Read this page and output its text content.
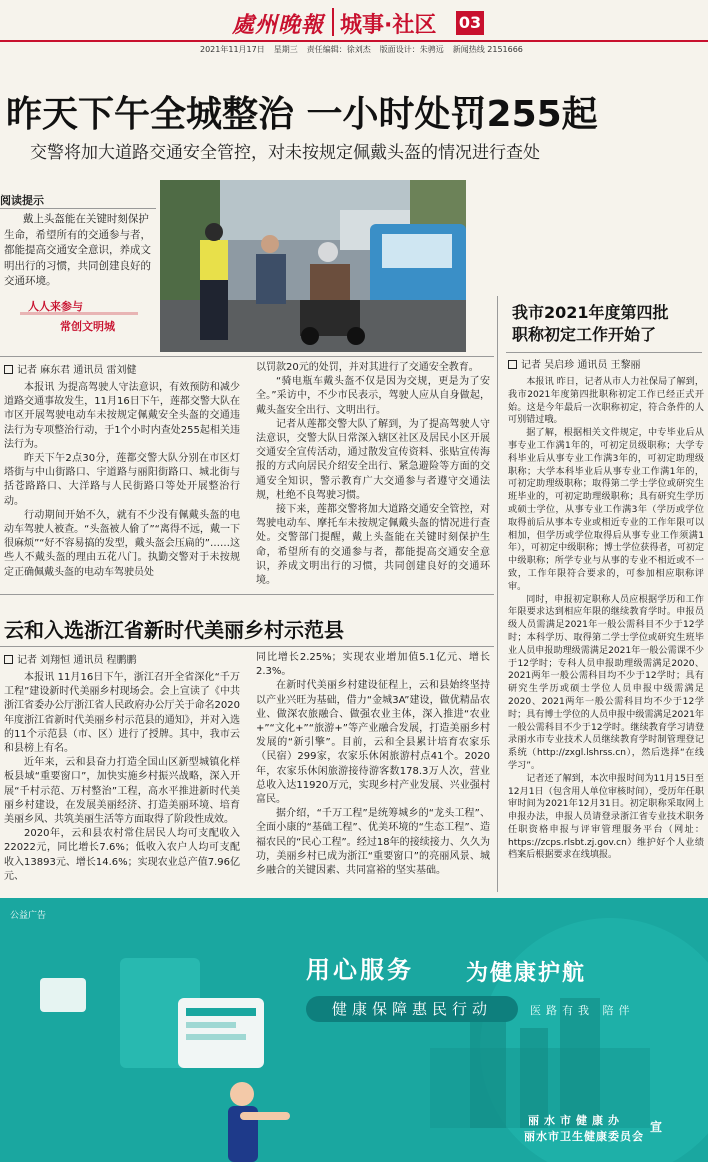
處州晚報 城事·社区 03
2021年11月17日 星期三 责任编辑：徐刘杰 版面设计：朱骋远 新闻热线 2151666
昨天下午全城整治 一小时处罚255起
交警将加大道路交通安全管控，对未按规定佩戴头盔的情况进行查处
阅读提示
戴上头盔能在关键时刻保护生命，希望所有的交通参与者，都能提高交通安全意识，养成文明出行的习惯，共同创建良好的交通环境。
人人来参与
常创文明城
记者 麻东君 通讯员 雷刘健

本报讯 为提高驾驶人守法意识，有效预防和减少道路交通事故发生，11月16日下午，莲都交警大队在市区开展驾驶电动车未按规定佩戴安全头盔的交通违法行为专项整治行动，于1个小时内查处255起相关违法行为。

昨天下午2点30分，莲都交警大队分别在市区灯塔街与中山街路口、宇道路与丽阳街路口、城北街与括苍路路口、大洋路与人民街路口等处开展整治行动。

行动期间开始不久，就有不少没有佩戴头盔的电动车驾驶人被查。“头盔被人偷了”“离得不远，戴一下很麻烦”“好不容易搞的发型，戴头盔会压扁的”……这些人不戴头盔的理由五花八门。执勤交警对于未按规定正确佩戴头盔的电动车驾驶员处

以罚款20元的处罚，并对其进行了交通安全教育。

“骑电瓶车戴头盔不仅是因为交规，更是为了安全。”采访中，不少市民表示，驾驶人应从自身做起，戴头盔安全出行、文明出行。

记者从莲都交警大队了解到，为了提高驾驶人守法意识，交警大队日常深入辖区社区及居民小区开展交通安全宣传活动，通过散发宣传资料、张贴宣传海报的方式向居民介绍安全出行、紧急避险等方面的交通安全知识，警示教育广大交通参与者遵守交通法规，杜绝不良驾驶习惯。

接下来，莲都交警将加大道路交通安全管控，对驾驶电动车、摩托车未按规定佩戴头盔的情况进行查处。交警部门提醒，戴上头盔能在关键时刻保护生命，希望所有的交通参与者，都能提高交通安全意识，养成文明出行的习惯，共同创建良好的交通环境。

云和入选浙江省新时代美丽乡村示范县
记者 刘翔恒 通讯员 程鹏鹏

本报讯 11月16日下午，浙江召开全省深化“千万工程”建设新时代美丽乡村现场会。会上宣读了《中共浙江省委办公厅浙江省人民政府办公厅关于命名2020年度浙江省新时代美丽乡村示范县的通知》，并对入选的11个示范县（市、区）进行了授牌。其中，我市云和县榜上有名。

近年来，云和县奋力打造全国山区新型城镇化样板县域“重要窗口”，加快实施乡村振兴战略，深入开展“千村示范、万村整治”工程，高水平推进新时代美丽乡村建设，在发展美丽经济、打造美丽环境、培育美丽乡风、共筑美丽生活等方面取得了阶段性成效。

2020年，云和县农村常住居民人均可支配收入22022元，同比增长7.6%；低收入农户人均可支配收入13893元、增长14.6%；实现农业总产值7.96亿元、

同比增长2.25%；实现农业增加值5.1亿元、增长2.3%。

在新时代美丽乡村建设征程上，云和县始终坚持以产业兴旺为基础，借力“金城3A”建设，做优精品农业、做深农旅融合、做强农业主体，深入推进“农业+”“文化+”“旅游+”等产业融合发展，打造美丽乡村发展的“新引擎”。目前，云和全县累计培育农家乐（民宿）299家，农家乐休闲旅游村点41个。2020年，农家乐休闲旅游接待游客数178.3万人次，营业总收入达11920万元，实现乡村产业发展、兴业强村富民。

据介绍，“千万工程”是统筹城乡的“龙头工程”、全面小康的“基础工程”、优美环境的“生态工程”、造福农民的“民心工程”。经过18年的接续接力、久久为功，美丽乡村已成为浙江“重要窗口”的亮丽风景、城乡融合的关键因素、共同富裕的坚实基础。

我市2021年度第四批
职称初定工作开始了
记者 吴启珍 通讯员 王黎丽

本报讯 昨日，记者从市人力社保局了解到，我市2021年度第四批职称初定工作已经正式开始。这是今年最后一次职称初定，符合条件的人可别错过哦。

据了解，根据相关文件规定，中专毕业后从事专业工作满1年的，可初定员级职称；大学专科毕业后从事专业工作满3年的，可初定助理级职称；大学本科毕业后从事专业工作满1年的，可初定助理级职称；取得第二学士学位或研究生班毕业的，可初定助理级职称；具有研究生学历或硕士学位，从事专业工作满3年（学历或学位取得前后从事本专业或相近专业的工作年限可以相加，但学历或学位取得后从事专业工作须满1年），可初定中级职称；博士学位获得者，可初定中级职称；所学专业与从事的专业不相近或不一致，工作年限符合要求的，可参加相应职称评审。

同时，申报初定职称人员应根据学历和工作年限要求达到相应年限的继续教育学时。申报员级人员需满足2021年一般公需科目不少于12学时；本科学历、取得第二学士学位或研究生班毕业人员申报助理级需满足2021年一般公需课不少于12学时；专科人员申报助理级需满足2020、2021两年一般公需科目均不少于12学时；具有研究生学历或硕士学位人员申报中级需满足2020、2021两年一般公需科目均不少于12学时；具有博士学位的人员申报中级需满足2021年一般公需科目不少于12学时。继续教育学习请登录丽水市专业技术人员继续教育学时制管理登记系统（http://zxgl.lshrss.cn），然后选择“在线学习”。

记者还了解到，本次申报时间为11月15日至12月1日（包含用人单位审核时间），受历年任职审时间为2021年12月31日。初定职称采取网上申报办法，申报人员请登录浙江省专业技术职务任职资格申报与评审管理服务平台（网址：https://zcps.rlsbt.zj.gov.cn）维护好个人业绩档案后根据要求在线填报。

公益广告
用心服务 为健康护航
健康保障惠民行动	医路有我 陪伴
丽水市健康办
丽水市卫生健康委员会
宣
